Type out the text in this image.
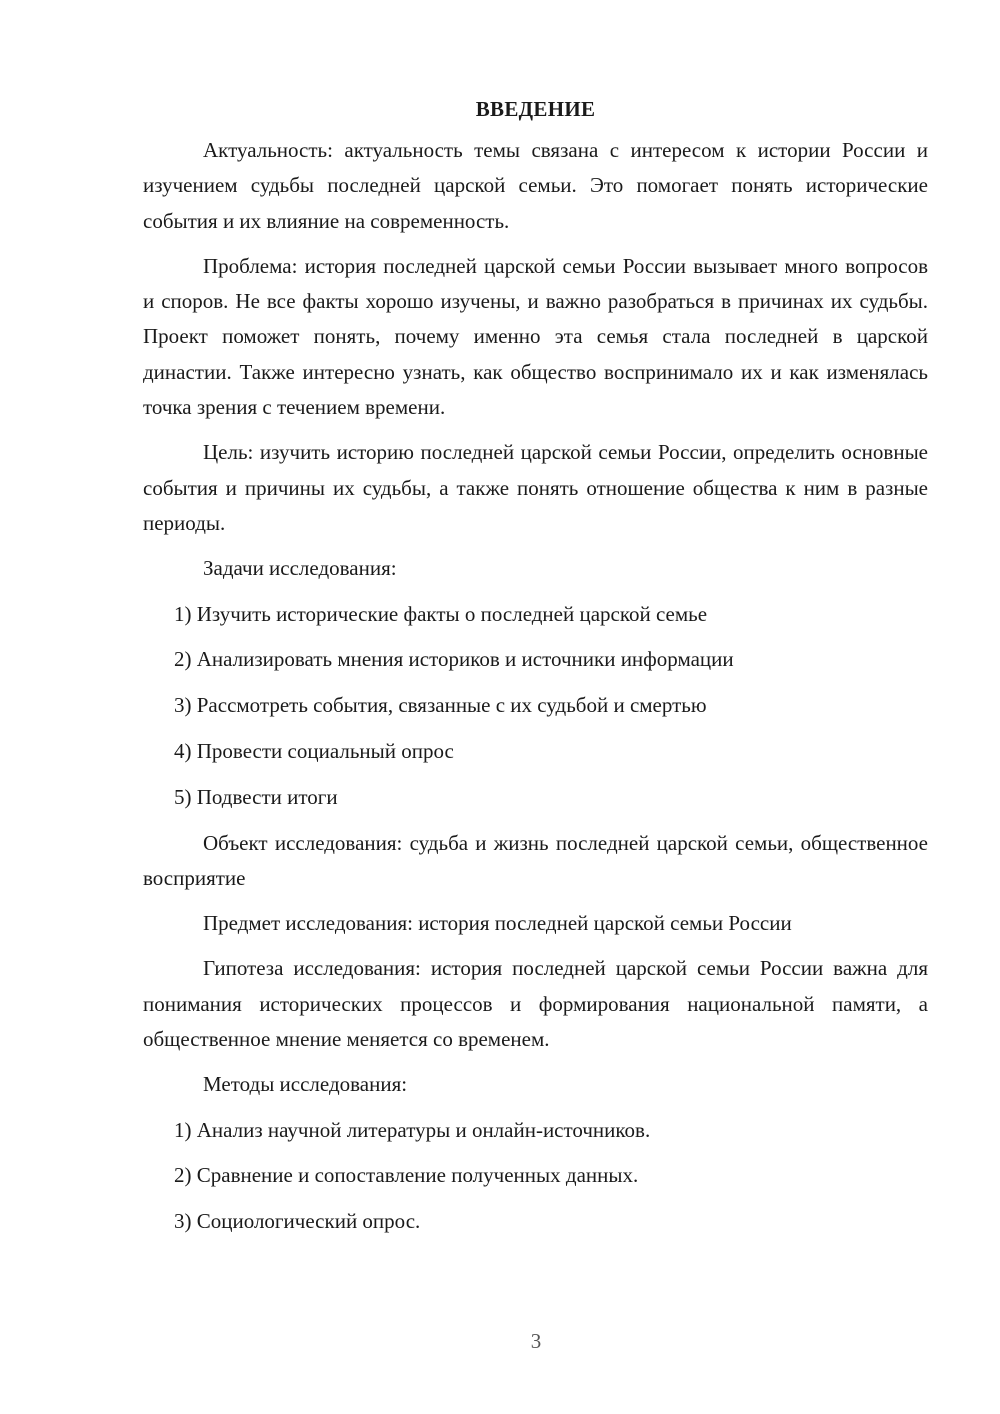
ВВЕДЕНИЕ

Актуальность: актуальность темы связана с интересом к истории России и изучением судьбы последней царской семьи. Это помогает понять исторические события и их влияние на современность.

Проблема: история последней царской семьи России вызывает много вопросов и споров. Не все факты хорошо изучены, и важно разобраться в причинах их судьбы. Проект поможет понять, почему именно эта семья стала последней в царской династии. Также интересно узнать, как общество воспринимало их и как изменялась точка зрения с течением времени.

Цель: изучить историю последней царской семьи России, определить основные события и причины их судьбы, а также понять отношение общества к ним в разные периоды.

Задачи исследования:

1) Изучить исторические факты о последней царской семье
2) Анализировать мнения историков и источники информации
3) Рассмотреть события, связанные с их судьбой и смертью
4) Провести социальный опрос
5) Подвести итоги

Объект исследования: судьба и жизнь последней царской семьи, общественное восприятие

Предмет исследования: история последней царской семьи России

Гипотеза исследования: история последней царской семьи России важна для понимания исторических процессов и формирования национальной памяти, а общественное мнение меняется со временем.

Методы исследования:

1) Анализ научной литературы и онлайн-источников.
2) Сравнение и сопоставление полученных данных.
3) Социологический опрос.
3
